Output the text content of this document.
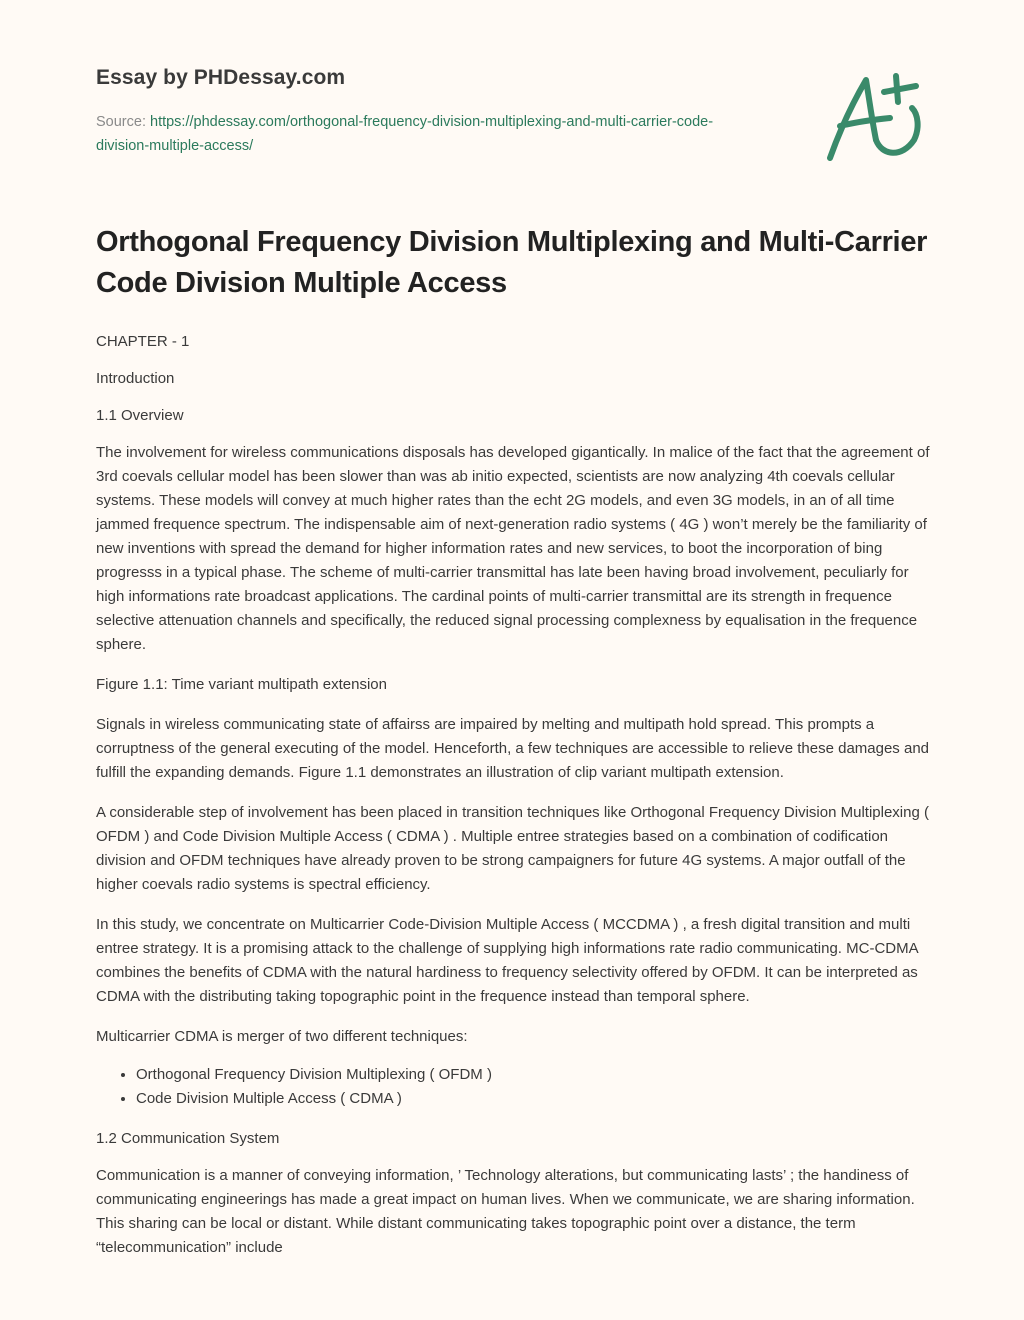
Essay by PHDessay.com
Source: https://phdessay.com/orthogonal-frequency-division-multiplexing-and-multi-carrier-code-division-multiple-access/
Orthogonal Frequency Division Multiplexing and Multi-Carrier Code Division Multiple Access

CHAPTER - 1

Introduction

1.1 Overview

The involvement for wireless communications disposals has developed gigantically. In malice of the fact that the agreement of 3rd coevals cellular model has been slower than was ab initio expected, scientists are now analyzing 4th coevals cellular systems. These models will convey at much higher rates than the echt 2G models, and even 3G models, in an of all time jammed frequence spectrum. The indispensable aim of next-generation radio systems ( 4G ) won’t merely be the familiarity of new inventions with spread the demand for higher information rates and new services, to boot the incorporation of bing progresss in a typical phase. The scheme of multi-carrier transmittal has late been having broad involvement, peculiarly for high informations rate broadcast applications. The cardinal points of multi-carrier transmittal are its strength in frequence selective attenuation channels and specifically, the reduced signal processing complexness by equalisation in the frequence sphere.

Figure 1.1: Time variant multipath extension

Signals in wireless communicating state of affairss are impaired by melting and multipath hold spread. This prompts a corruptness of the general executing of the model. Henceforth, a few techniques are accessible to relieve these damages and fulfill the expanding demands. Figure 1.1 demonstrates an illustration of clip variant multipath extension.

A considerable step of involvement has been placed in transition techniques like Orthogonal Frequency Division Multiplexing ( OFDM ) and Code Division Multiple Access ( CDMA ) . Multiple entree strategies based on a combination of codification division and OFDM techniques have already proven to be strong campaigners for future 4G systems. A major outfall of the higher coevals radio systems is spectral efficiency.

In this study, we concentrate on Multicarrier Code-Division Multiple Access ( MCCDMA ) , a fresh digital transition and multi entree strategy. It is a promising attack to the challenge of supplying high informations rate radio communicating. MC-CDMA combines the benefits of CDMA with the natural hardiness to frequency selectivity offered by OFDM. It can be interpreted as CDMA with the distributing taking topographic point in the frequence instead than temporal sphere.

Multicarrier CDMA is merger of two different techniques:

• Orthogonal Frequency Division Multiplexing ( OFDM )
• Code Division Multiple Access ( CDMA )

1.2 Communication System

Communication is a manner of conveying information, ’ Technology alterations, but communicating lasts’ ; the handiness of communicating engineerings has made a great impact on human lives. When we communicate, we are sharing information. This sharing can be local or distant. While distant communicating takes topographic point over a distance, the term “telecommunication” include
